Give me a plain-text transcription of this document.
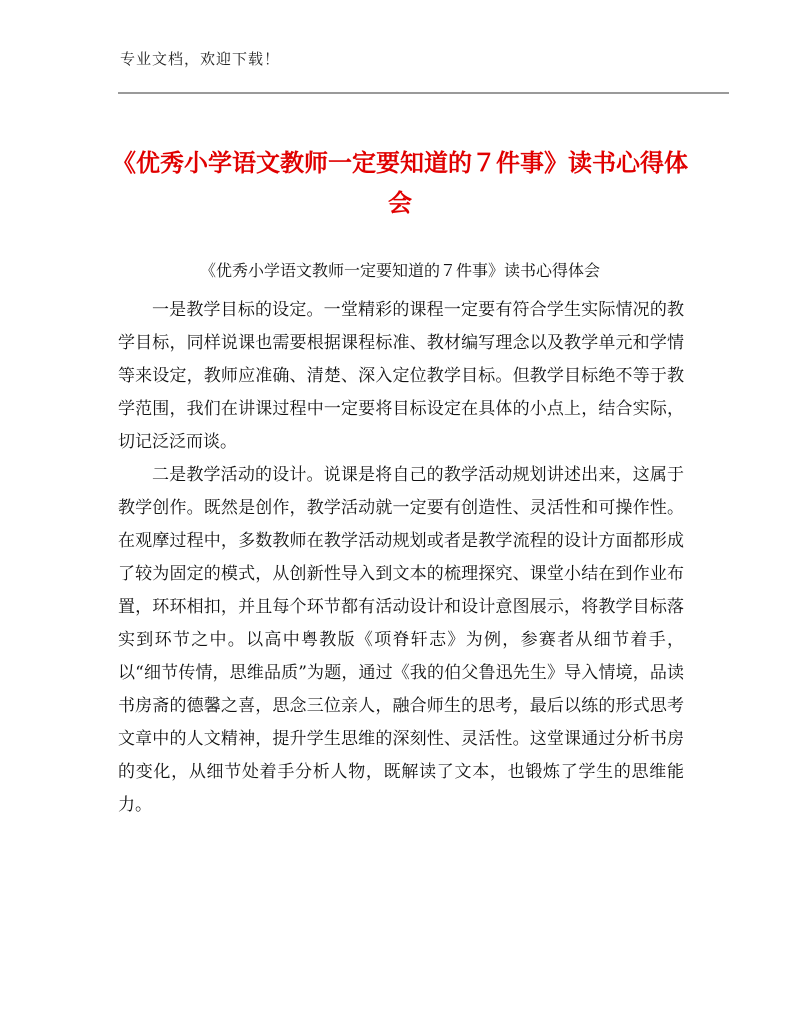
专业文档，欢迎下载！
《优秀小学语文教师一定要知道的７件事》读书心得体会
《优秀小学语文教师一定要知道的７件事》读书心得体会

一是教学目标的设定。一堂精彩的课程一定要有符合学生实际情况的教学目标，同样说课也需要根据课程标准、教材编写理念以及教学单元和学情等来设定，教师应准确、清楚、深入定位教学目标。但教学目标绝不等于教学范围，我们在讲课过程中一定要将目标设定在具体的小点上，结合实际，切记泛泛而谈。

二是教学活动的设计。说课是将自己的教学活动规划讲述出来，这属于教学创作。既然是创作，教学活动就一定要有创造性、灵活性和可操作性。在观摩过程中，多数教师在教学活动规划或者是教学流程的设计方面都形成了较为固定的模式，从创新性导入到文本的梳理探究、课堂小结在到作业布置，环环相扣，并且每个环节都有活动设计和设计意图展示，将教学目标落实到环节之中。以高中粤教版《项脊轩志》为例，参赛者从细节着手，以“细节传情，思维品质”为题，通过《我的伯父鲁迅先生》导入情境，品读书房斋的德馨之喜，思念三位亲人，融合师生的思考，最后以练的形式思考文章中的人文精神，提升学生思维的深刻性、灵活性。这堂课通过分析书房的变化，从细节处着手分析人物，既解读了文本，也锻炼了学生的思维能力。
